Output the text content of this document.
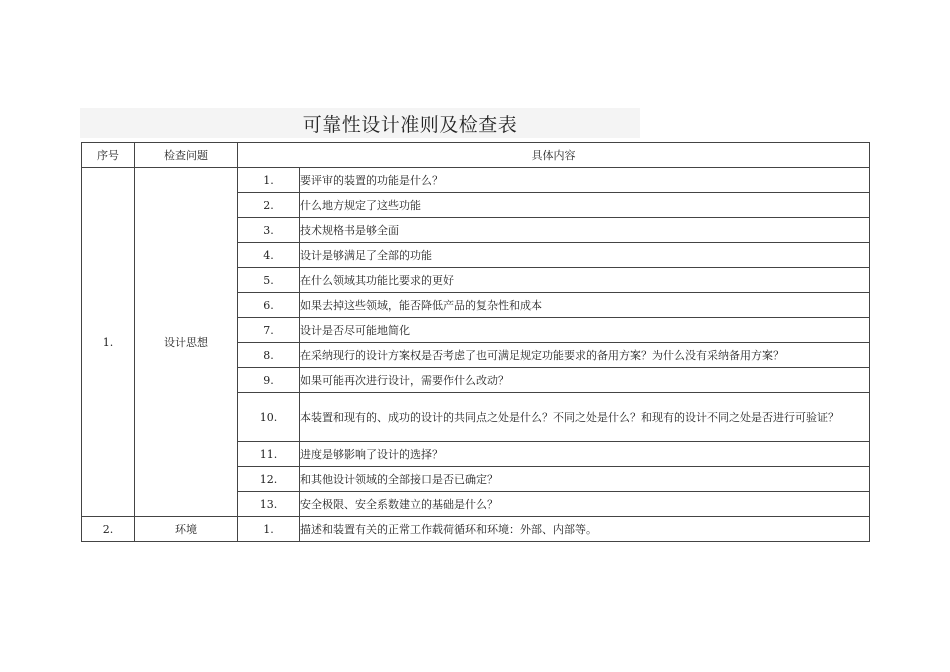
可靠性设计准则及检查表
序号	检查问题	具体内容	
1.	设计思想	1.	要评审的装置的功能是什么？
		2.	什么地方规定了这些功能
		3.	技术规格书是够全面
		4.	设计是够满足了全部的功能
		5.	在什么领域其功能比要求的更好
		6.	如果去掉这些领域，能否降低产品的复杂性和成本
		7.	设计是否尽可能地简化
		8.	在采纳现行的设计方案权是否考虑了也可满足规定功能要求的备用方案？为什么没有采纳备用方案？
		9.	如果可能再次进行设计，需要作什么改动？
		10.	本装置和现有的、成功的设计的共同点之处是什么？不同之处是什么？和现有的设计不同之处是否进行可验证？
		11.	进度是够影响了设计的选择？
		12.	和其他设计领域的全部接口是否已确定？
		13.	安全极限、安全系数建立的基础是什么？
2.	环境	1.	描述和装置有关的正常工作载荷循环和环境：外部、内部等。
